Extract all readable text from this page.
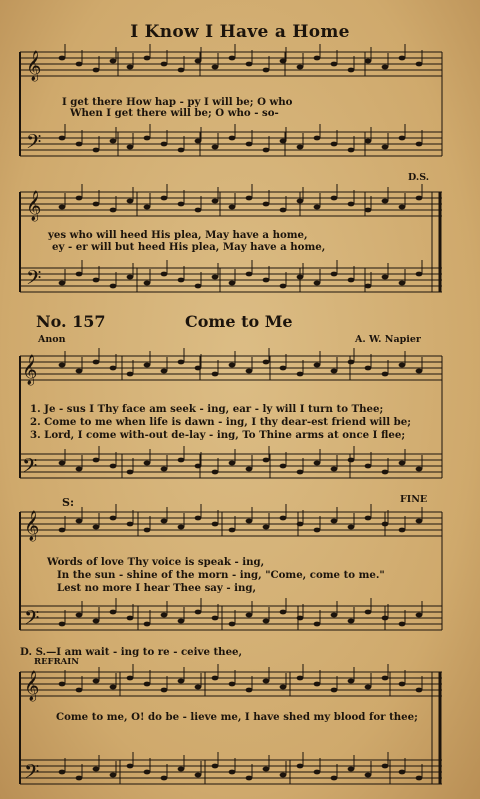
I Know I Have a Home
𝄞
𝄢
I get there How hap - py I will be; O who
When I get there will be; O who - so-
D.S.
𝄞
𝄢
yes who will heed His plea, May have a home,
ey - er will but heed His plea, May have a home,
No. 157	Come to Me
Anon	A. W. Napier
𝄞
𝄢
1. Je - sus I Thy face am seek - ing, ear - ly will I turn to Thee;
2. Come to me when life is dawn - ing, I thy dear-est friend will be;
3. Lord, I come with-out de-lay - ing, To Thine arms at once I flee;
S:	FINE
𝄞
𝄢
Words of love Thy voice is speak - ing,
In the sun - shine of the morn - ing, "Come, come to me."
Lest no more I hear Thee say - ing,
D. S.—I am wait - ing to re - ceive thee,
REFRAIN
𝄞
𝄢
Come to me, O! do be - lieve me, I have shed my blood for thee;
